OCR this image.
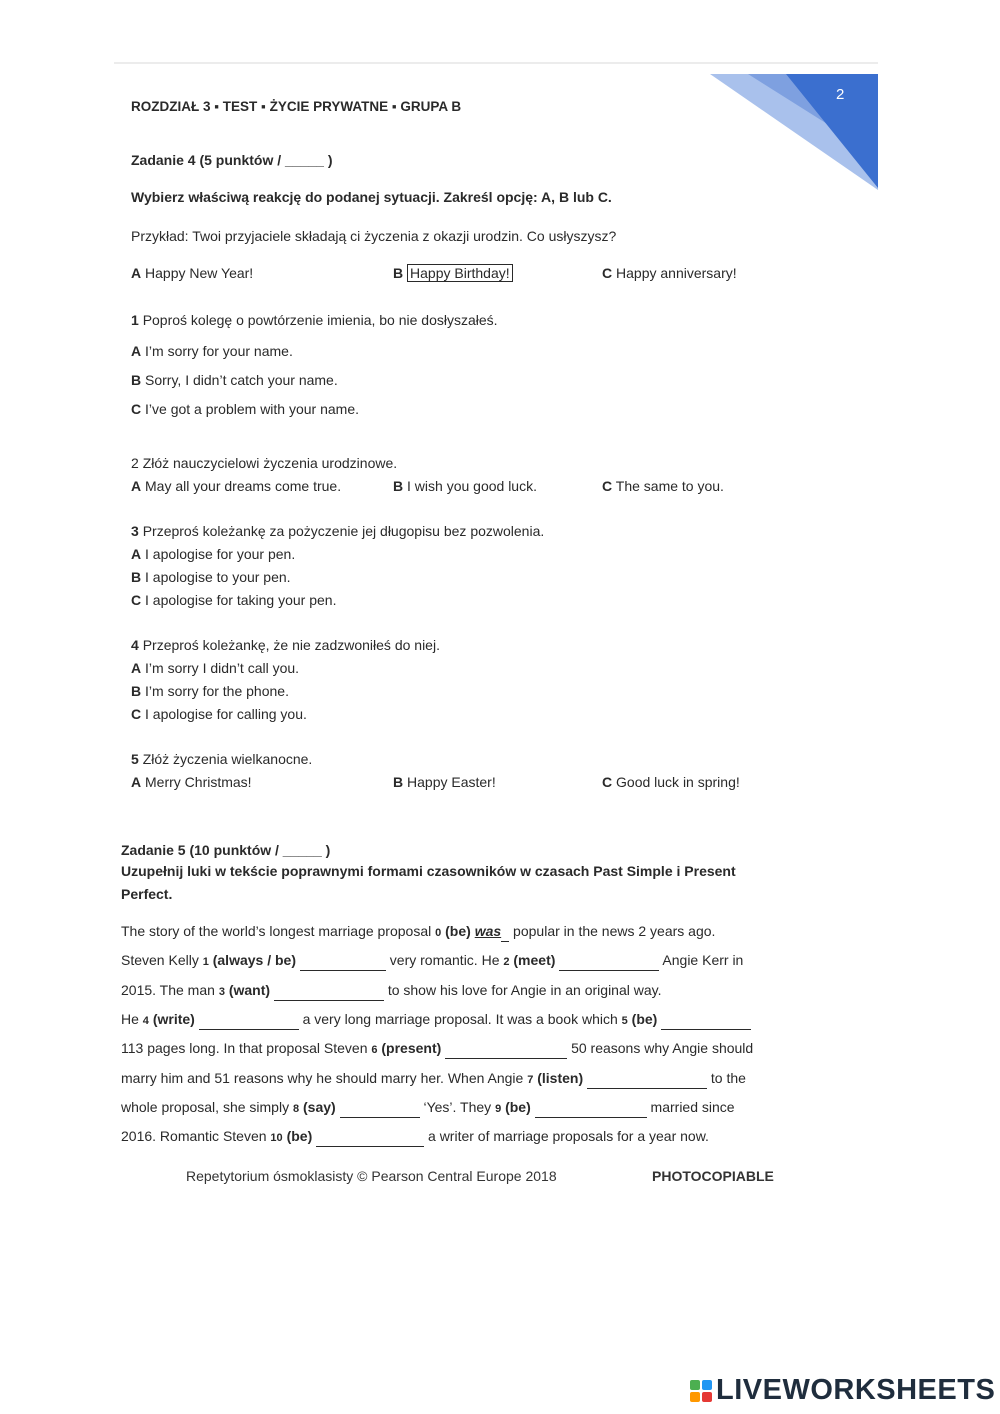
2
ROZDZIAŁ 3 ▪ TEST ▪ ŻYCIE PRYWATNE ▪ GRUPA B
Zadanie 4 (5 punktów / _____ )
Wybierz właściwą reakcję do podanej sytuacji. Zakreśl opcję: A, B lub C.
Przykład: Twoi przyjaciele składają ci życzenia z okazji urodzin. Co usłyszysz?
A Happy New Year!	B Happy Birthday!	C Happy anniversary!
1 Poproś kolegę o powtórzenie imienia, bo nie dosłyszałeś.
A I’m sorry for your name.
B Sorry, I didn’t catch your name.
C I’ve got a problem with your name.
2 Złóż nauczycielowi życzenia urodzinowe.
A May all your dreams come true.	B I wish you good luck.	C The same to you.
3 Przeproś koleżankę za pożyczenie jej długopisu bez pozwolenia.
A I apologise for your pen.
B I apologise to your pen.
C I apologise for taking your pen.
4 Przeproś koleżankę, że nie zadzwoniłeś do niej.
A I’m sorry I didn’t call you.
B I’m sorry for the phone.
C I apologise for calling you.
5 Złóż życzenia wielkanocne.
A Merry Christmas!	B Happy Easter!	C Good luck in spring!
Zadanie 5 (10 punktów / _____ )
Uzupełnij luki w tekście poprawnymi formami czasowników w czasach Past Simple i Present
Perfect.
The story of the world’s longest marriage proposal 0 (be) was popular in the news 2 years ago.
Steven Kelly 1 (always / be)	very romantic. He 2 (meet)	Angie Kerr in
2015. The man 3 (want)	to show his love for Angie in an original way.
He 4 (write)	a very long marriage proposal. It was a book which 5 (be)
113 pages long. In that proposal Steven 6 (present)	50 reasons why Angie should
marry him and 51 reasons why he should marry her. When Angie 7 (listen)	to the
whole proposal, she simply 8 (say)	‘Yes’. They 9 (be)	married since
2016. Romantic Steven 10 (be)	a writer of marriage proposals for a year now.
Repetytorium ósmoklasisty © Pearson Central Europe 2018	PHOTOCOPIABLE
LIVEWORKSHEETS
